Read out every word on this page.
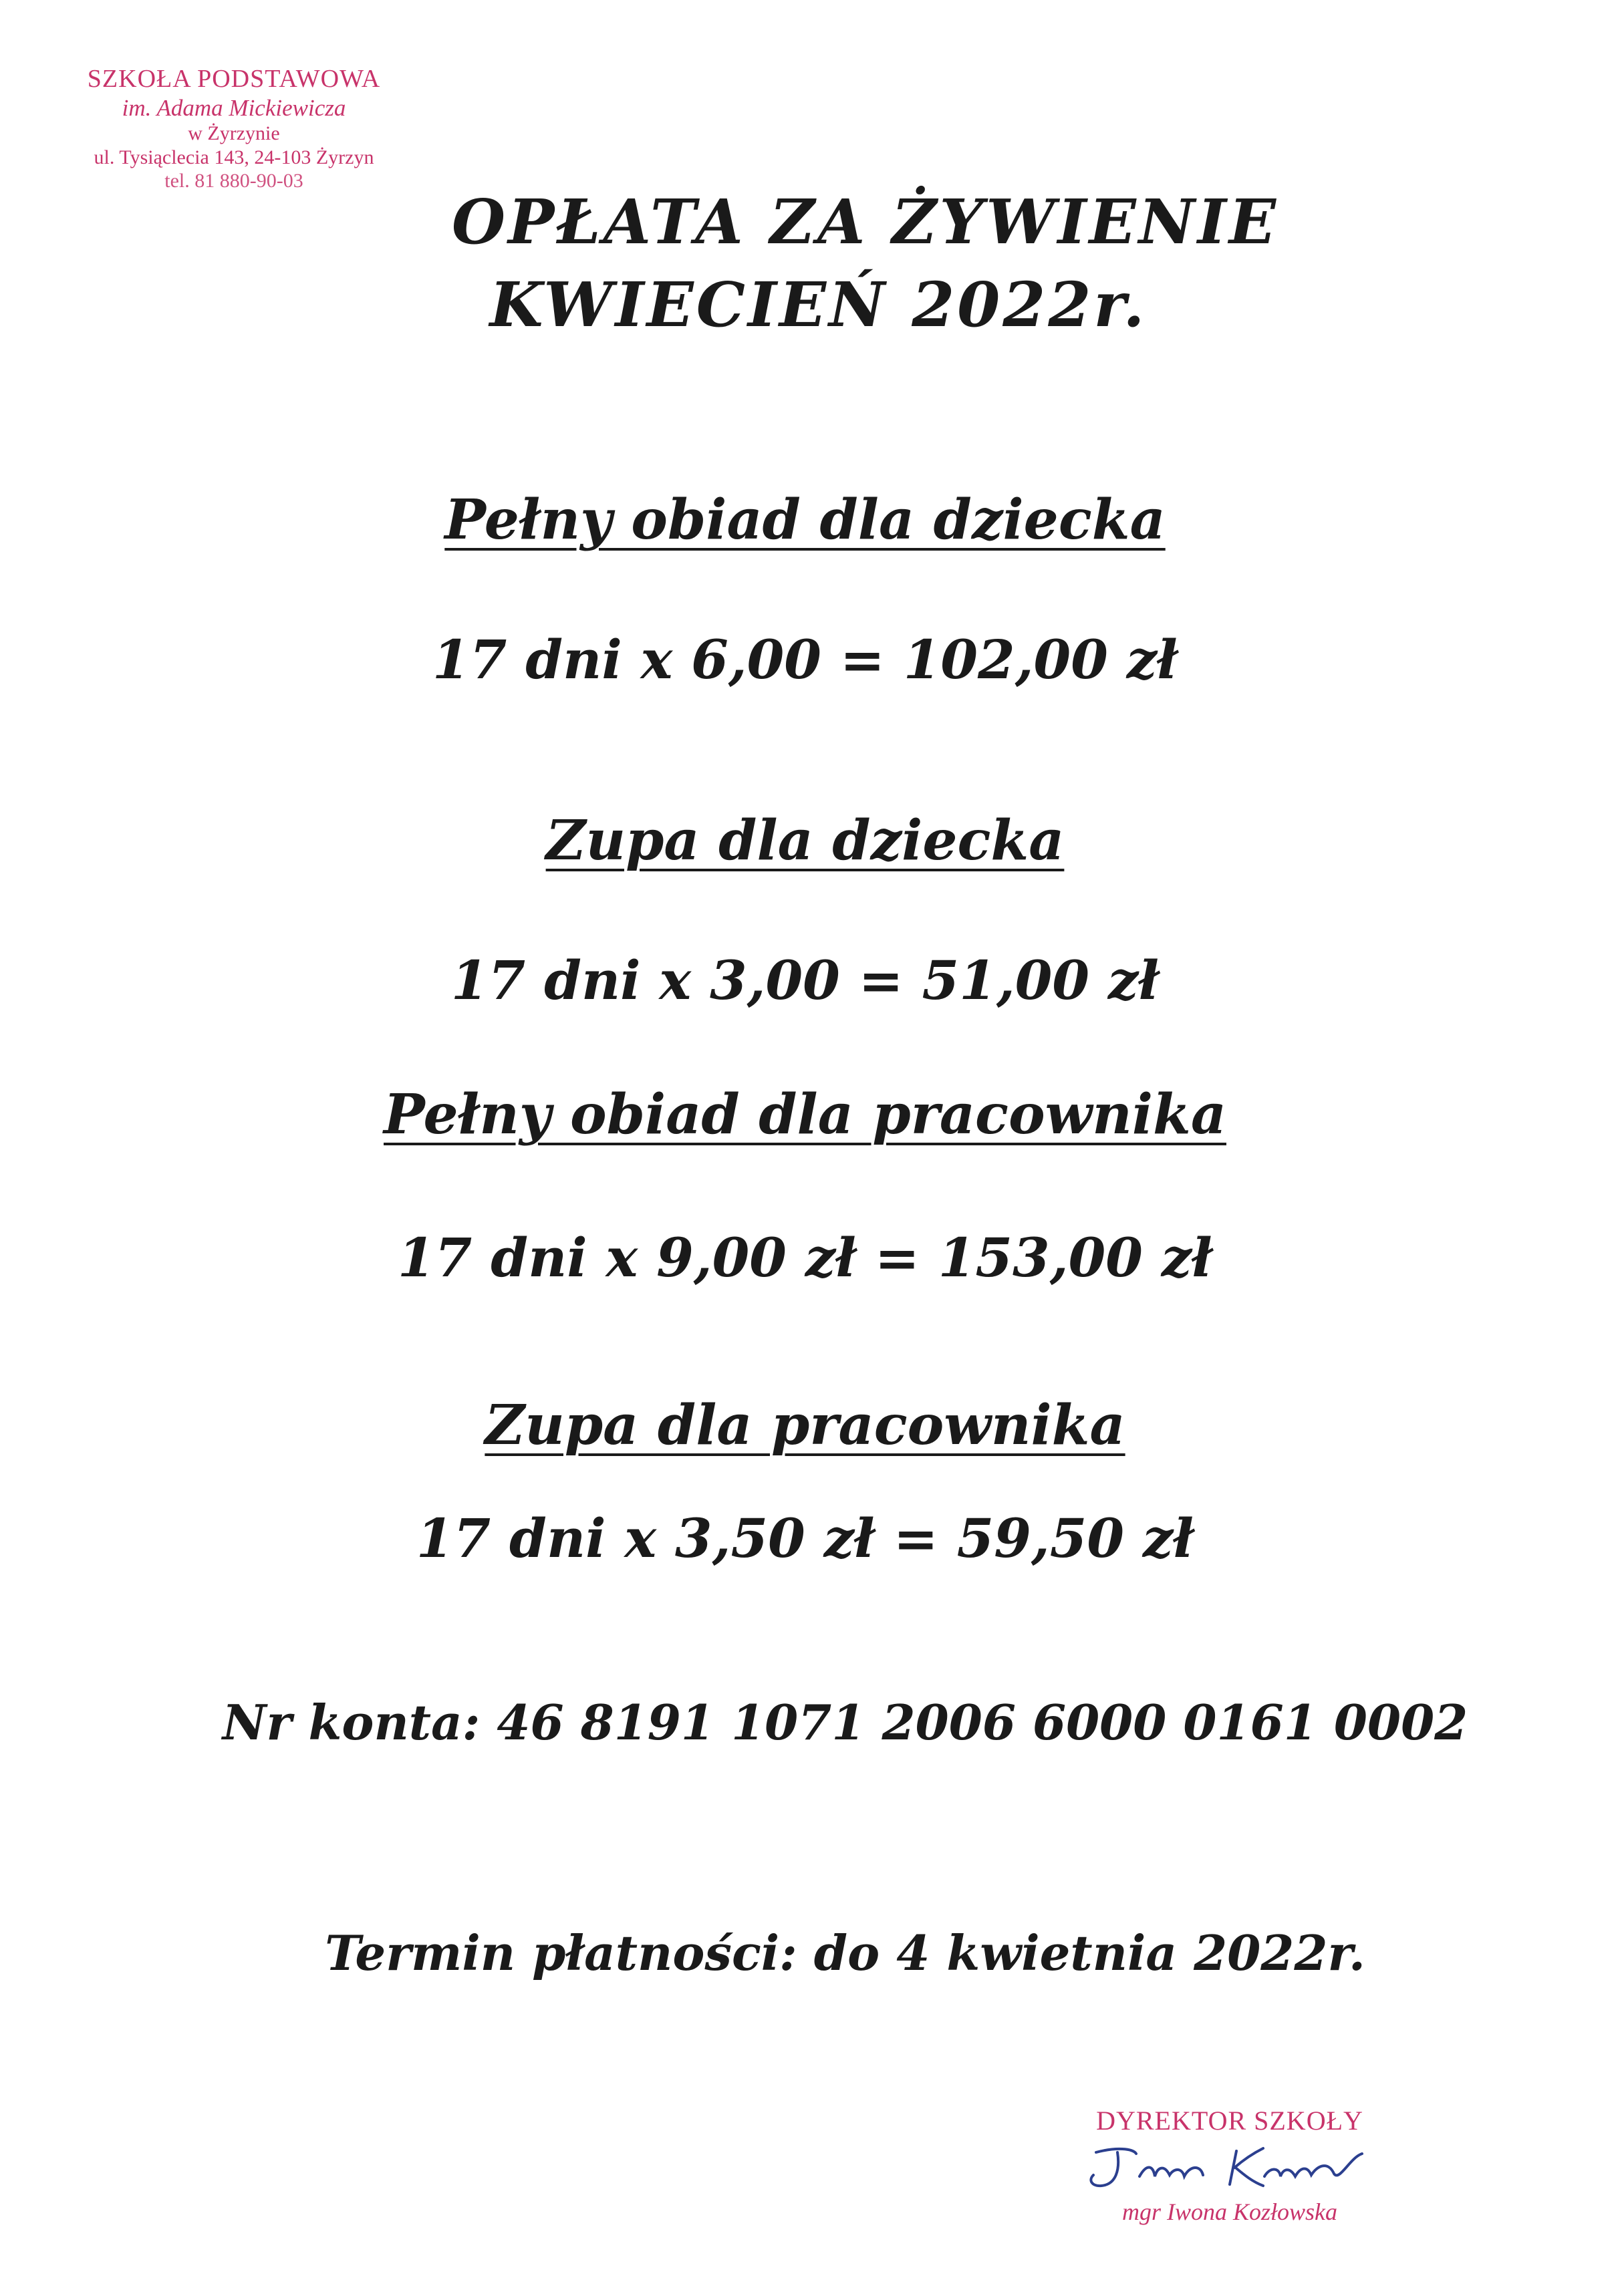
SZKOŁA PODSTAWOWA
im. Adama Mickiewicza
w Żyrzynie
ul. Tysiąclecia 143, 24-103 Żyrzyn
tel. 81 880-90-03
OPŁATA ZA ŻYWIENIE
KWIECIEŃ 2022r.
Pełny obiad dla dziecka
17 dni x 6,00 = 102,00 zł
Zupa dla dziecka
17 dni x 3,00 = 51,00 zł
Pełny obiad dla pracownika
17 dni x 9,00 zł = 153,00 zł
Zupa dla pracownika
17 dni x 3,50 zł = 59,50 zł
Nr konta: 46 8191 1071 2006 6000 0161 0002
Termin płatności: do 4 kwietnia 2022r.
DYREKTOR SZKOŁY
mgr Iwona Kozłowska
